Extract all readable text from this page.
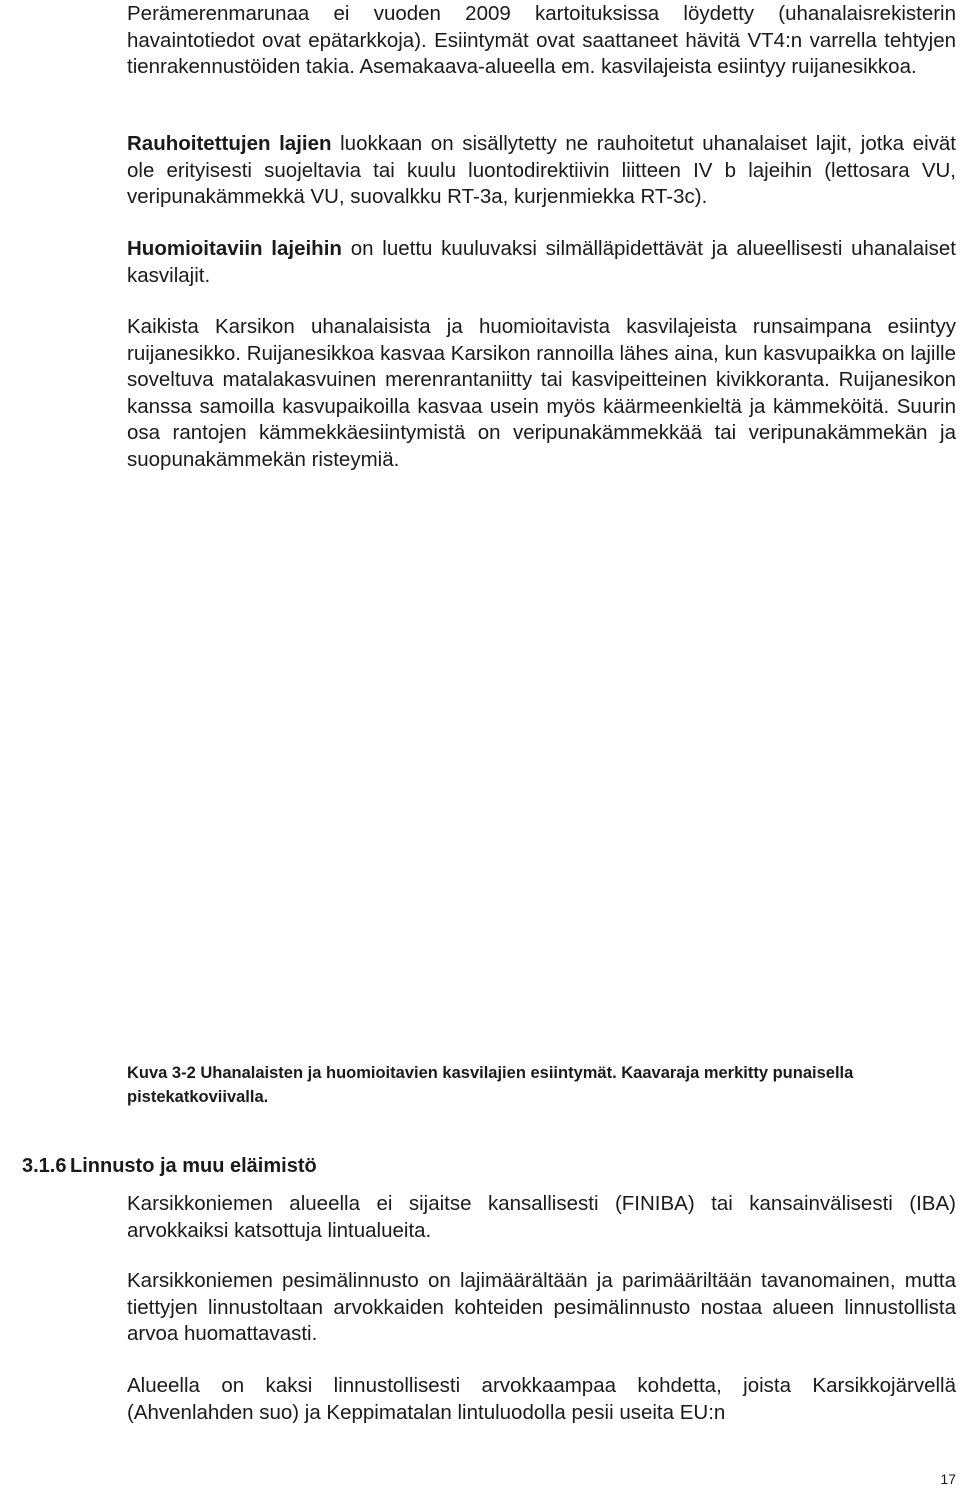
Perämerenmarunaa ei vuoden 2009 kartoituksissa löydetty (uhanalaisrekisterin havaintotiedot ovat epätarkkoja). Esiintymät ovat saattaneet hävitä VT4:n varrella tehtyjen tienrakennustöiden takia. Asemakaava-alueella em. kasvilajeista esiintyy ruijanesikkoa.

Rauhoitettujen lajien luokkaan on sisällytetty ne rauhoitetut uhanalaiset lajit, jotka eivät ole erityisesti suojeltavia tai kuulu luontodirektiivin liitteen IV b lajeihin (lettosara VU, veripunakämmekkä VU, suovalkku RT-3a, kurjenmiekka RT-3c).

Huomioitaviin lajeihin on luettu kuuluvaksi silmälläpidettävät ja alueellisesti uhanalaiset kasvilajit.

Kaikista Karsikon uhanalaisista ja huomioitavista kasvilajeista runsaimpana esiintyy ruijanesikko. Ruijanesikkoa kasvaa Karsikon rannoilla lähes aina, kun kasvupaikka on lajille soveltuva matalakasvuinen merenrantaniitty tai kasvipeitteinen kivikkoranta. Ruijanesikon kanssa samoilla kasvupaikoilla kasvaa usein myös käärmeenkieltä ja kämmeköitä. Suurin osa rantojen kämmekkäesiintymistä on veripunakämmekkää tai veripunakämmekän ja suopunakämmekän risteymiä.

Kuva 3-2 Uhanalaisten ja huomioitavien kasvilajien esiintymät. Kaavaraja merkitty punaisella pistekatkoviivalla.

3.1.6 Linnusto ja muu eläimistö

Karsikkoniemen alueella ei sijaitse kansallisesti (FINIBA) tai kansainvälisesti (IBA) arvokkaiksi katsottuja lintualueita.

Karsikkoniemen pesimälinnusto on lajimäärältään ja parimääriltään tavanomainen, mutta tiettyjen linnustoltaan arvokkaiden kohteiden pesimälinnusto nostaa alueen linnustollista arvoa huomattavasti.

Alueella on kaksi linnustollisesti arvokkaampaa kohdetta, joista Karsikkojärvellä (Ahvenlahden suo) ja Keppimatalan lintuluodolla pesii useita EU:n

17
